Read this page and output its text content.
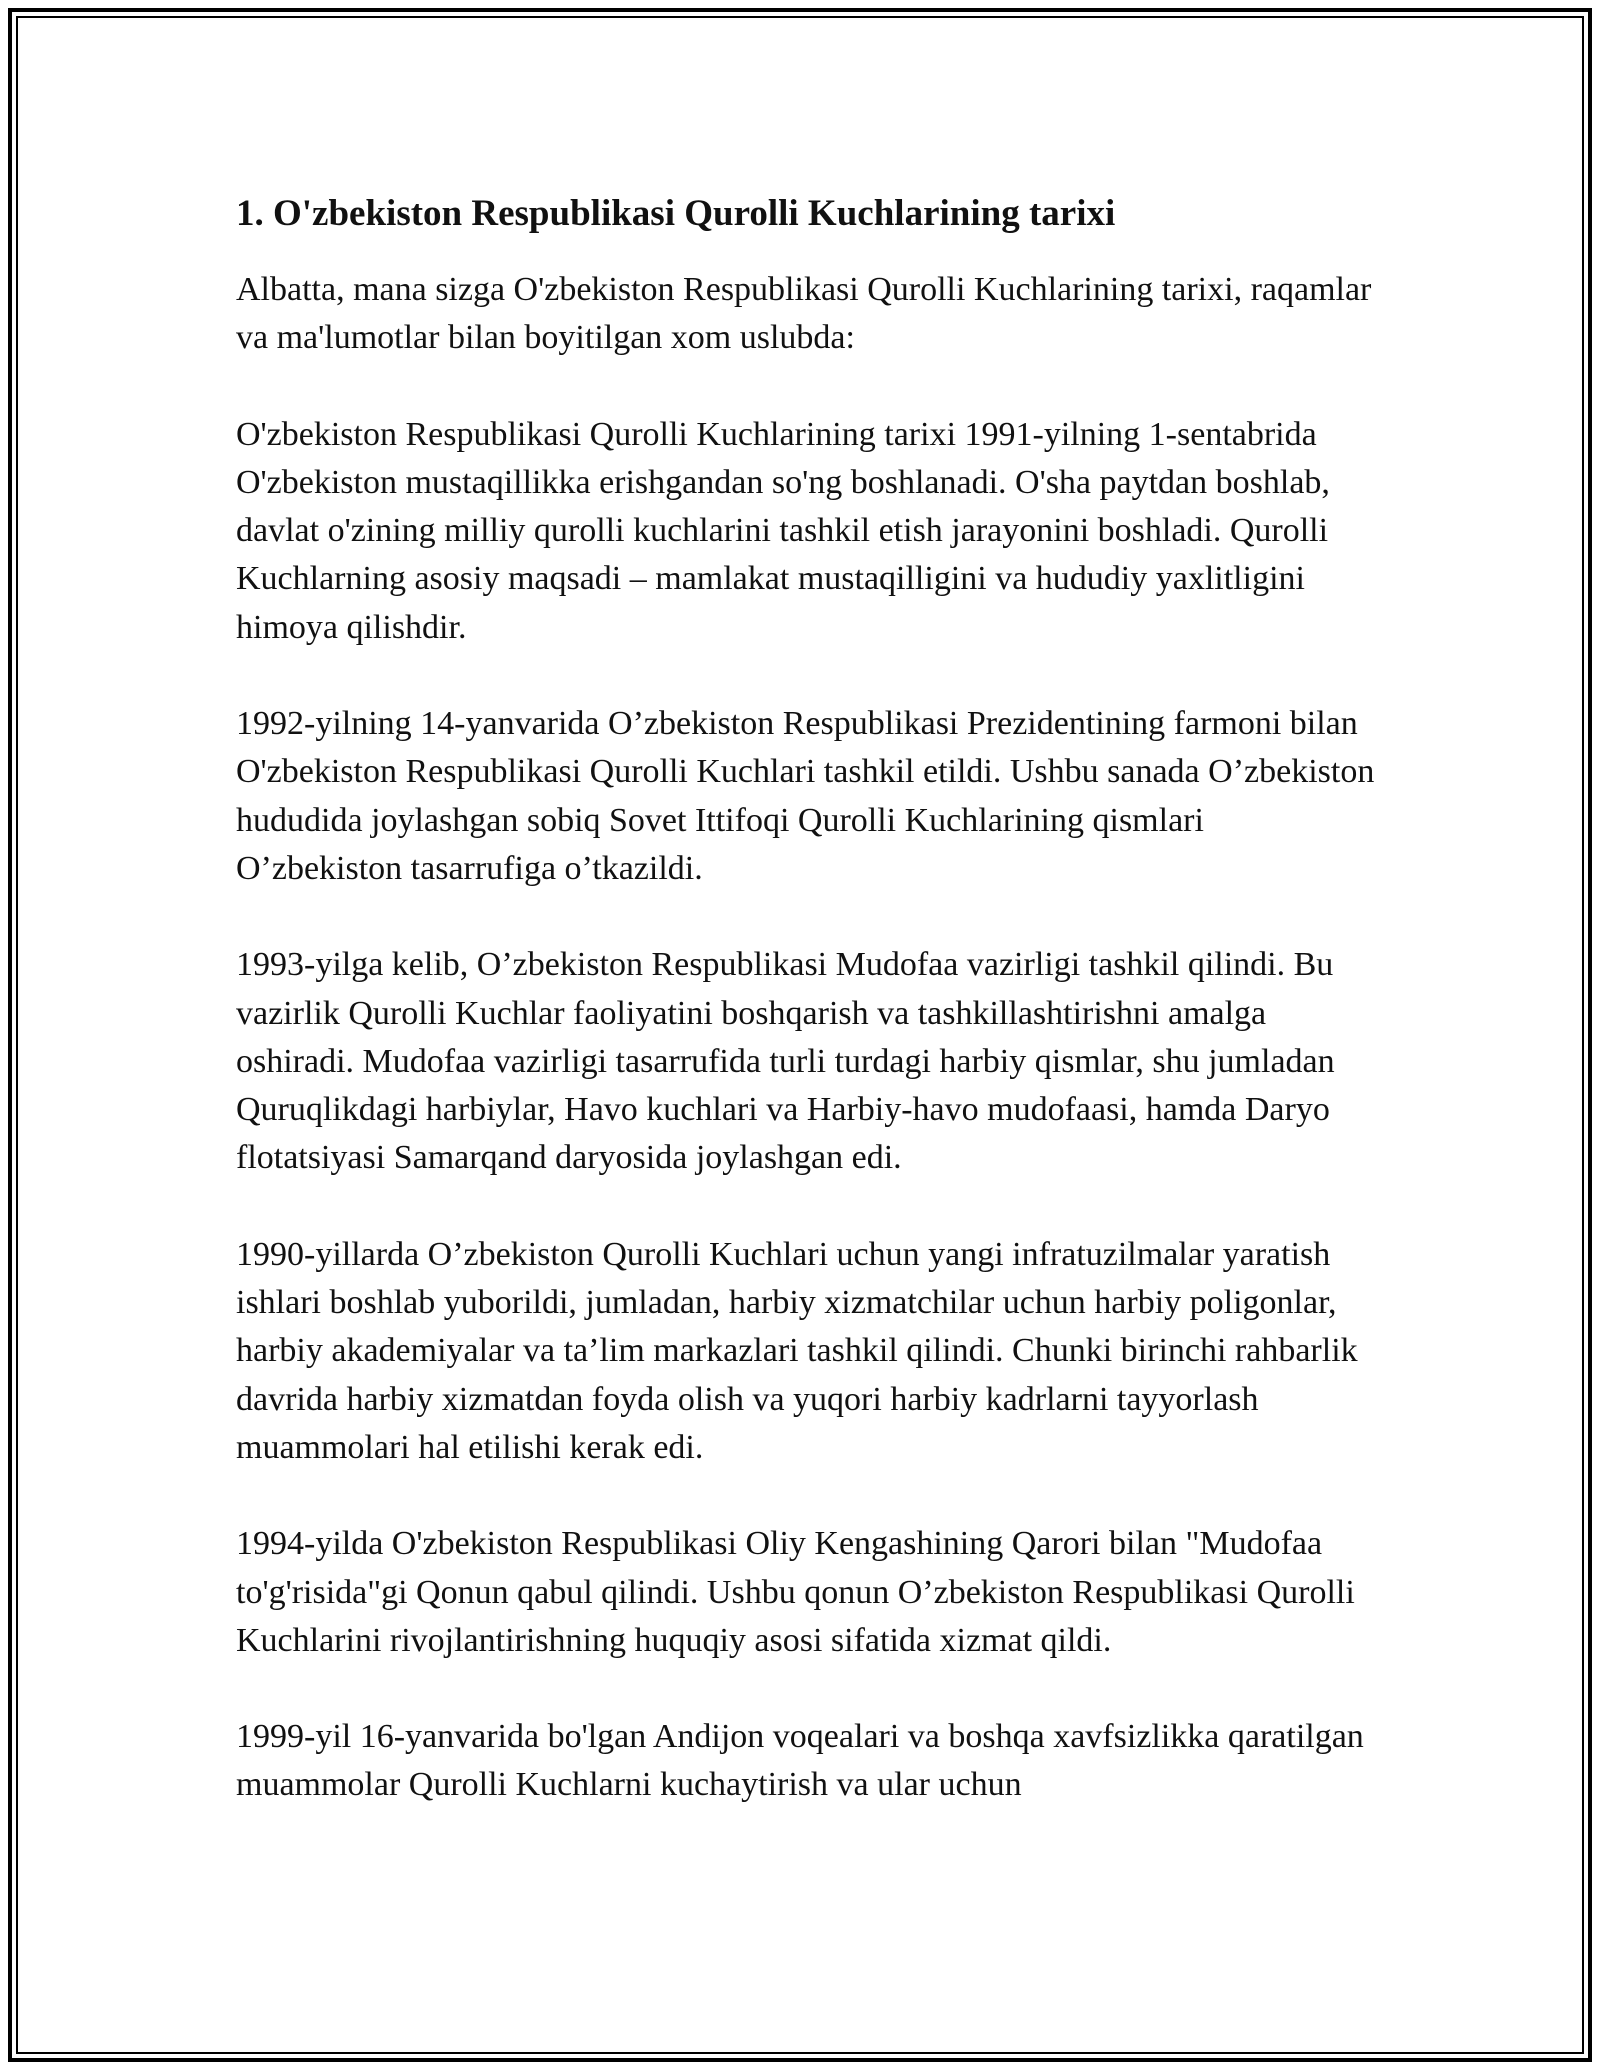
1. O'zbekiston Respublikasi Qurolli Kuchlarining tarixi

Albatta, mana sizga O'zbekiston Respublikasi Qurolli Kuchlarining tarixi, raqamlar va ma'lumotlar bilan boyitilgan xom uslubda:

O'zbekiston Respublikasi Qurolli Kuchlarining tarixi 1991-yilning 1-sentabrida O'zbekiston mustaqillikka erishgandan so'ng boshlanadi. O'sha paytdan boshlab, davlat o'zining milliy qurolli kuchlarini tashkil etish jarayonini boshladi. Qurolli Kuchlarning asosiy maqsadi – mamlakat mustaqilligini va hududiy yaxlitligini himoya qilishdir.

1992-yilning 14-yanvarida O’zbekiston Respublikasi Prezidentining farmoni bilan O'zbekiston Respublikasi Qurolli Kuchlari tashkil etildi. Ushbu sanada O’zbekiston hududida joylashgan sobiq Sovet Ittifoqi Qurolli Kuchlarining qismlari O’zbekiston tasarrufiga o’tkazildi.

1993-yilga kelib, O’zbekiston Respublikasi Mudofaa vazirligi tashkil qilindi. Bu vazirlik Qurolli Kuchlar faoliyatini boshqarish va tashkillashtirishni amalga oshiradi. Mudofaa vazirligi tasarrufida turli turdagi harbiy qismlar, shu jumladan Quruqlikdagi harbiylar, Havo kuchlari va Harbiy-havo mudofaasi, hamda Daryo flotatsiyasi Samarqand daryosida joylashgan edi.

1990-yillarda O’zbekiston Qurolli Kuchlari uchun yangi infratuzilmalar yaratish ishlari boshlab yuborildi, jumladan, harbiy xizmatchilar uchun harbiy poligonlar, harbiy akademiyalar va ta’lim markazlari tashkil qilindi. Chunki birinchi rahbarlik davrida harbiy xizmatdan foyda olish va yuqori harbiy kadrlarni tayyorlash muammolari hal etilishi kerak edi.

1994-yilda O'zbekiston Respublikasi Oliy Kengashining Qarori bilan "Mudofaa to'g'risida"gi Qonun qabul qilindi. Ushbu qonun O’zbekiston Respublikasi Qurolli Kuchlarini rivojlantirishning huquqiy asosi sifatida xizmat qildi.

1999-yil 16-yanvarida bo'lgan Andijon voqealari va boshqa xavfsizlikka qaratilgan muammolar Qurolli Kuchlarni kuchaytirish va ular uchun
